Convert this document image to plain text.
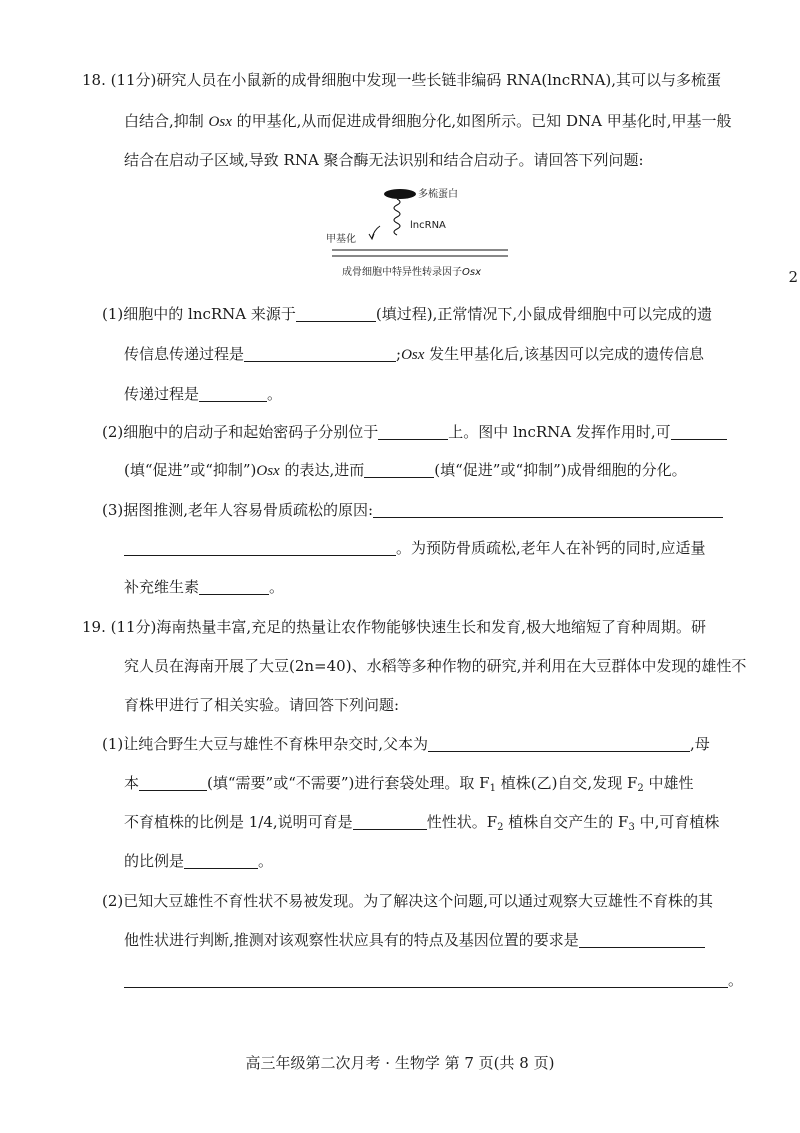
18. (11分)研究人员在小鼠新的成骨细胞中发现一些长链非编码 RNA(lncRNA),其可以与多梳蛋
白结合,抑制 Osx 的甲基化,从而促进成骨细胞分化,如图所示。已知 DNA 甲基化时,甲基一般
结合在启动子区域,导致 RNA 聚合酶无法识别和结合启动子。请回答下列问题:
多梳蛋白
lncRNA
甲基化
成骨细胞中特异性转录因子Osx	2
(1)细胞中的 lncRNA 来源于	(填过程),正常情况下,小鼠成骨细胞中可以完成的遗
传信息传递过程是	;Osx 发生甲基化后,该基因可以完成的遗传信息
传递过程是	。
(2)细胞中的启动子和起始密码子分别位于	上。图中 lncRNA 发挥作用时,可
(填“促进”或“抑制”)Osx 的表达,进而	(填“促进”或“抑制”)成骨细胞的分化。
(3)据图推测,老年人容易骨质疏松的原因:
。为预防骨质疏松,老年人在补钙的同时,应适量
补充维生素	。
19. (11分)海南热量丰富,充足的热量让农作物能够快速生长和发育,极大地缩短了育种周期。研
究人员在海南开展了大豆(2n=40)、水稻等多种作物的研究,并利用在大豆群体中发现的雄性不
育株甲进行了相关实验。请回答下列问题:
(1)让纯合野生大豆与雄性不育株甲杂交时,父本为	,母
本	(填“需要”或“不需要”)进行套袋处理。取 $F_1$ 植株(乙)自交,发现 $F_2$ 中雄性
不育植株的比例是 1/4,说明可育是	性性状。$F_2$ 植株自交产生的 $F_3$ 中,可育植株
的比例是	。
(2)已知大豆雄性不育性状不易被发现。为了解决这个问题,可以通过观察大豆雄性不育株的其
他性状进行判断,推测对该观察性状应具有的特点及基因位置的要求是
。
高三年级第二次月考 · 生物学 第 7 页(共 8 页)
